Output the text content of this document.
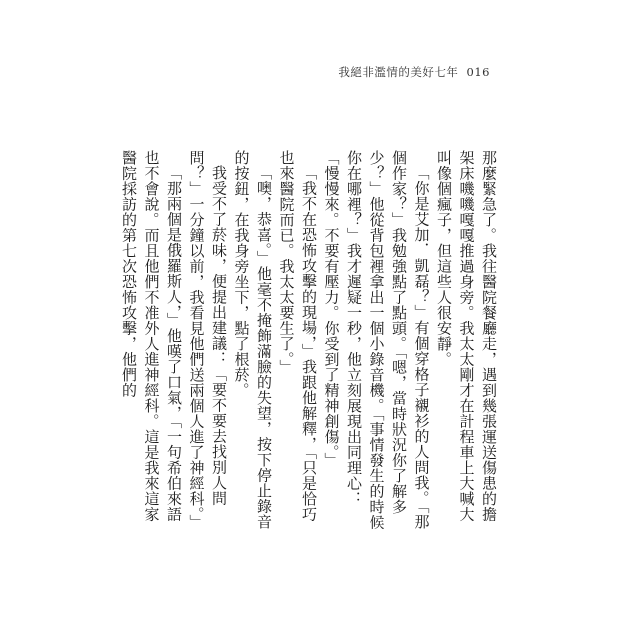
我絕非濫情的美好七年 016

那麼緊急了。我往醫院餐廳走，遇到幾張運送傷患的擔架床嘰嘰嘎嘎推過身旁。我太太剛才在計程車上大喊大叫像個瘋子，但這些人很安靜。

「你是艾加．凱磊？」有個穿格子襯衫的人問我。「那個作家？」我勉強點了點頭。「嗯，當時狀況你了解多少？」他從背包裡拿出一個小錄音機。「事情發生的時候你在哪裡？」我才遲疑一秒，他立刻展現出同理心：「慢慢來。不要有壓力。你受到了精神創傷。」

「我不在恐怖攻擊的現場，」我跟他解釋，「只是恰巧也來醫院而已。我太太要生了。」

「噢，恭喜。」他毫不掩飾滿臉的失望，按下停止錄音的按鈕，在我身旁坐下，點了根菸。

我受不了菸味，便提出建議：「要不要去找別人問問？」一分鐘以前，我看見他們送兩個人進了神經科。」

「那兩個是俄羅斯人，」他嘆了口氣，「一句希伯來語也不會說。而且他們不准外人進神經科。這是我來這家醫院採訪的第七次恐怖攻擊，他們的
